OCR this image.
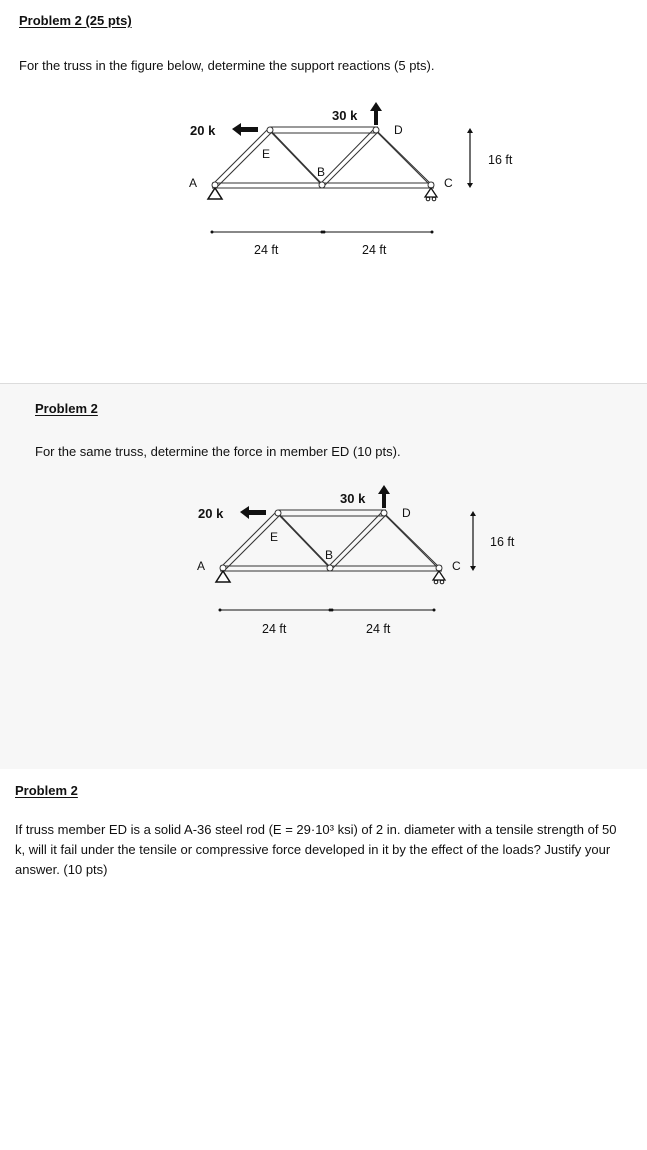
Problem 2 (25 pts)
For the truss in the figure below, determine the support reactions (5 pts).
20 k
30 k
E
B
D
A	C
16 ft
24 ft	24 ft
Problem 2
For the same truss, determine the force in member ED (10 pts).
20 k
30 k
E
B
D
A	C
16 ft
24 ft	24 ft
Problem 2
If truss member ED is a solid A-36 steel rod (E = 29·10³ ksi) of 2 in. diameter with a tensile strength of 50 k, will it fail under the tensile or compressive force developed in it by the effect of the loads? Justify your answer. (10 pts)
